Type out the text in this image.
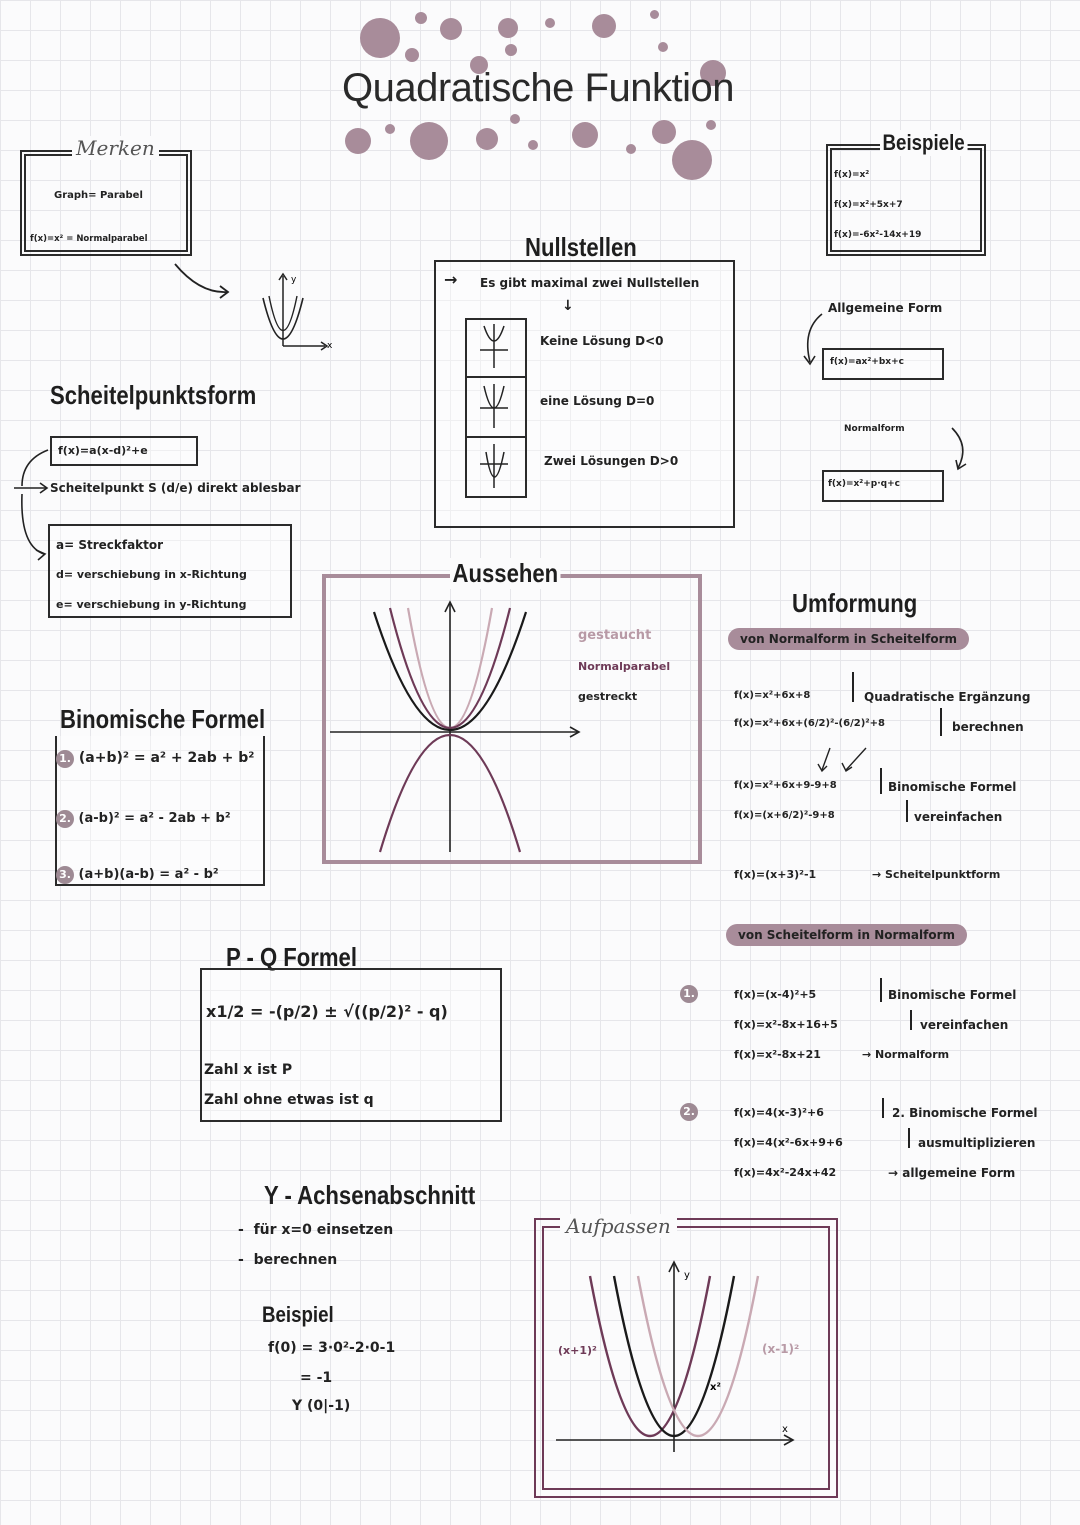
Quadratische Funktion
Merken
Graph= Parabel
f(x)=x² = Normalparabel
y
x
Nullstellen
→ Es gibt maximal zwei Nullstellen
↓
Keine Lösung D<0
eine Lösung D=0
Zwei Lösungen D>0
Beispiele
f(x)=x²
f(x)=x²+5x+7
f(x)=-6x²-14x+19
Allgemeine Form
f(x)=ax²+bx+c
Normalform
f(x)=x²+p·q+c
Scheitelpunktsform
f(x)=a(x-d)²+e
Scheitelpunkt S (d/e) direkt ablesbar
a= Streckfaktor
d= verschiebung in x-Richtung
e= verschiebung in y-Richtung
Aussehen
gestaucht
Normalparabel
gestreckt
Umformung
von Normalform in Scheitelform
f(x)=x²+6x+8	Quadratische Ergänzung
f(x)=x²+6x+(6/2)²-(6/2)²+8	berechnen
f(x)=x²+6x+9-9+8	Binomische Formel
f(x)=(x+6/2)²-9+8	vereinfachen
f(x)=(x+3)²-1	→ Scheitelpunktform
von Scheitelform in Normalform
1.	f(x)=(x-4)²+5	Binomische Formel
f(x)=x²-8x+16+5	vereinfachen
f(x)=x²-8x+21	→ Normalform
2.	f(x)=4(x-3)²+6	2. Binomische Formel
f(x)=4(x²-6x+9+6	ausmultiplizieren
f(x)=4x²-24x+42	→ allgemeine Form
Binomische Formel
1. (a+b)² = a² + 2ab + b²
2. (a-b)² = a² - 2ab + b²
3. (a+b)(a-b) = a² - b²
P - Q Formel
x1/2 = -(p/2) ± √((p/2)² - q)
Zahl x ist P
Zahl ohne etwas ist q
Y - Achsenabschnitt
-  für x=0 einsetzen
-  berechnen
Beispiel
f(0) = 3·0²-2·0-1
= -1
Y (0|-1)
Aufpassen
y
x
x²
(x+1)²	(x-1)²
